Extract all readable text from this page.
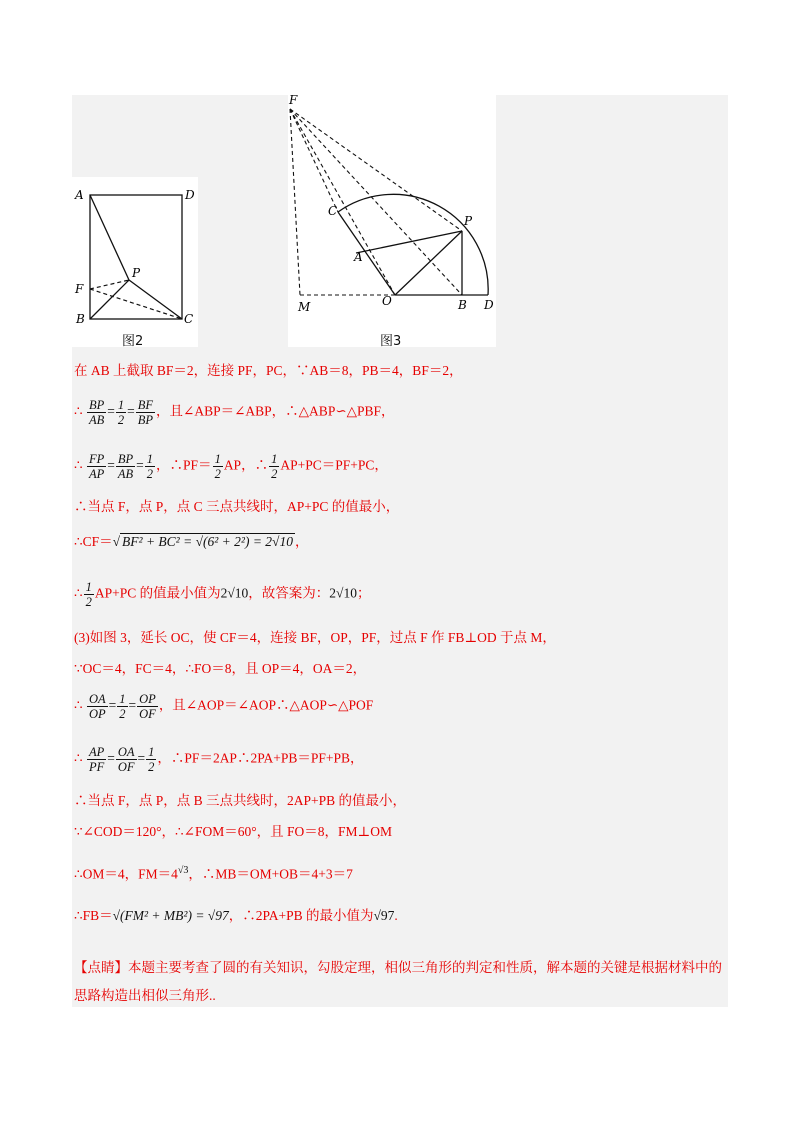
A	D
P
F
B	C
图2
F
C
P
A
M	O	B D
图3
在 AB 上截取 BF＝2，连接 PF，PC，∵AB＝8，PB＝4，BF＝2，
∴ $\frac{BP}{AB} = \frac{1}{2} = \frac{BF}{BP}$ ，且∠ABP＝∠ABP，∴△ABP∽△PBF，
∴ $\frac{FP}{AP} = \frac{BP}{AB} = \frac{1}{2}$ ，∴PF＝ $\frac{1}{2}$ AP，∴ $\frac{1}{2} AP+PC=PF+PC$，
∴当点 F，点 P，点 C 三点共线时，AP+PC 的值最小，
∴CF＝√ BF² + BC² = √(6² + 2²) = 2√10 ，
∴ $\frac{1}{2} AP+PC$ 的值最小值为2√10，故答案为：2√10；
(3)如图 3，延长 OC，使 CF＝4，连接 BF，OP，PF，过点 F 作 FB⊥OD 于点 M，
∵OC＝4，FC＝4，∴FO＝8，且 OP＝4，OA＝2，
∴ $\frac{OA}{OP} = \frac{1}{2} = \frac{OP}{OF}$ ，且∠AOP＝∠AOP∴△AOP∽△POF
∴ $\frac{AP}{PF} = \frac{OA}{OF} = \frac{1}{2}$ ，∴PF＝2AP∴2PA+PB＝PF+PB，
∴当点 F，点 P，点 B 三点共线时，2AP+PB 的值最小，
∵∠COD＝120°，∴∠FOM＝60°，且 FO＝8，FM⊥OM
∴OM＝4，$FM=4^{√3}$，∴MB＝OM+OB＝4+3＝7
∴FB＝√(FM² + MB²) = √97，∴2PA+PB 的最小值为√97.
【点睛】本题主要考查了圆的有关知识，勾股定理，相似三角形的判定和性质，解本题的关键是根据材料中的思路构造出相似三角形..
